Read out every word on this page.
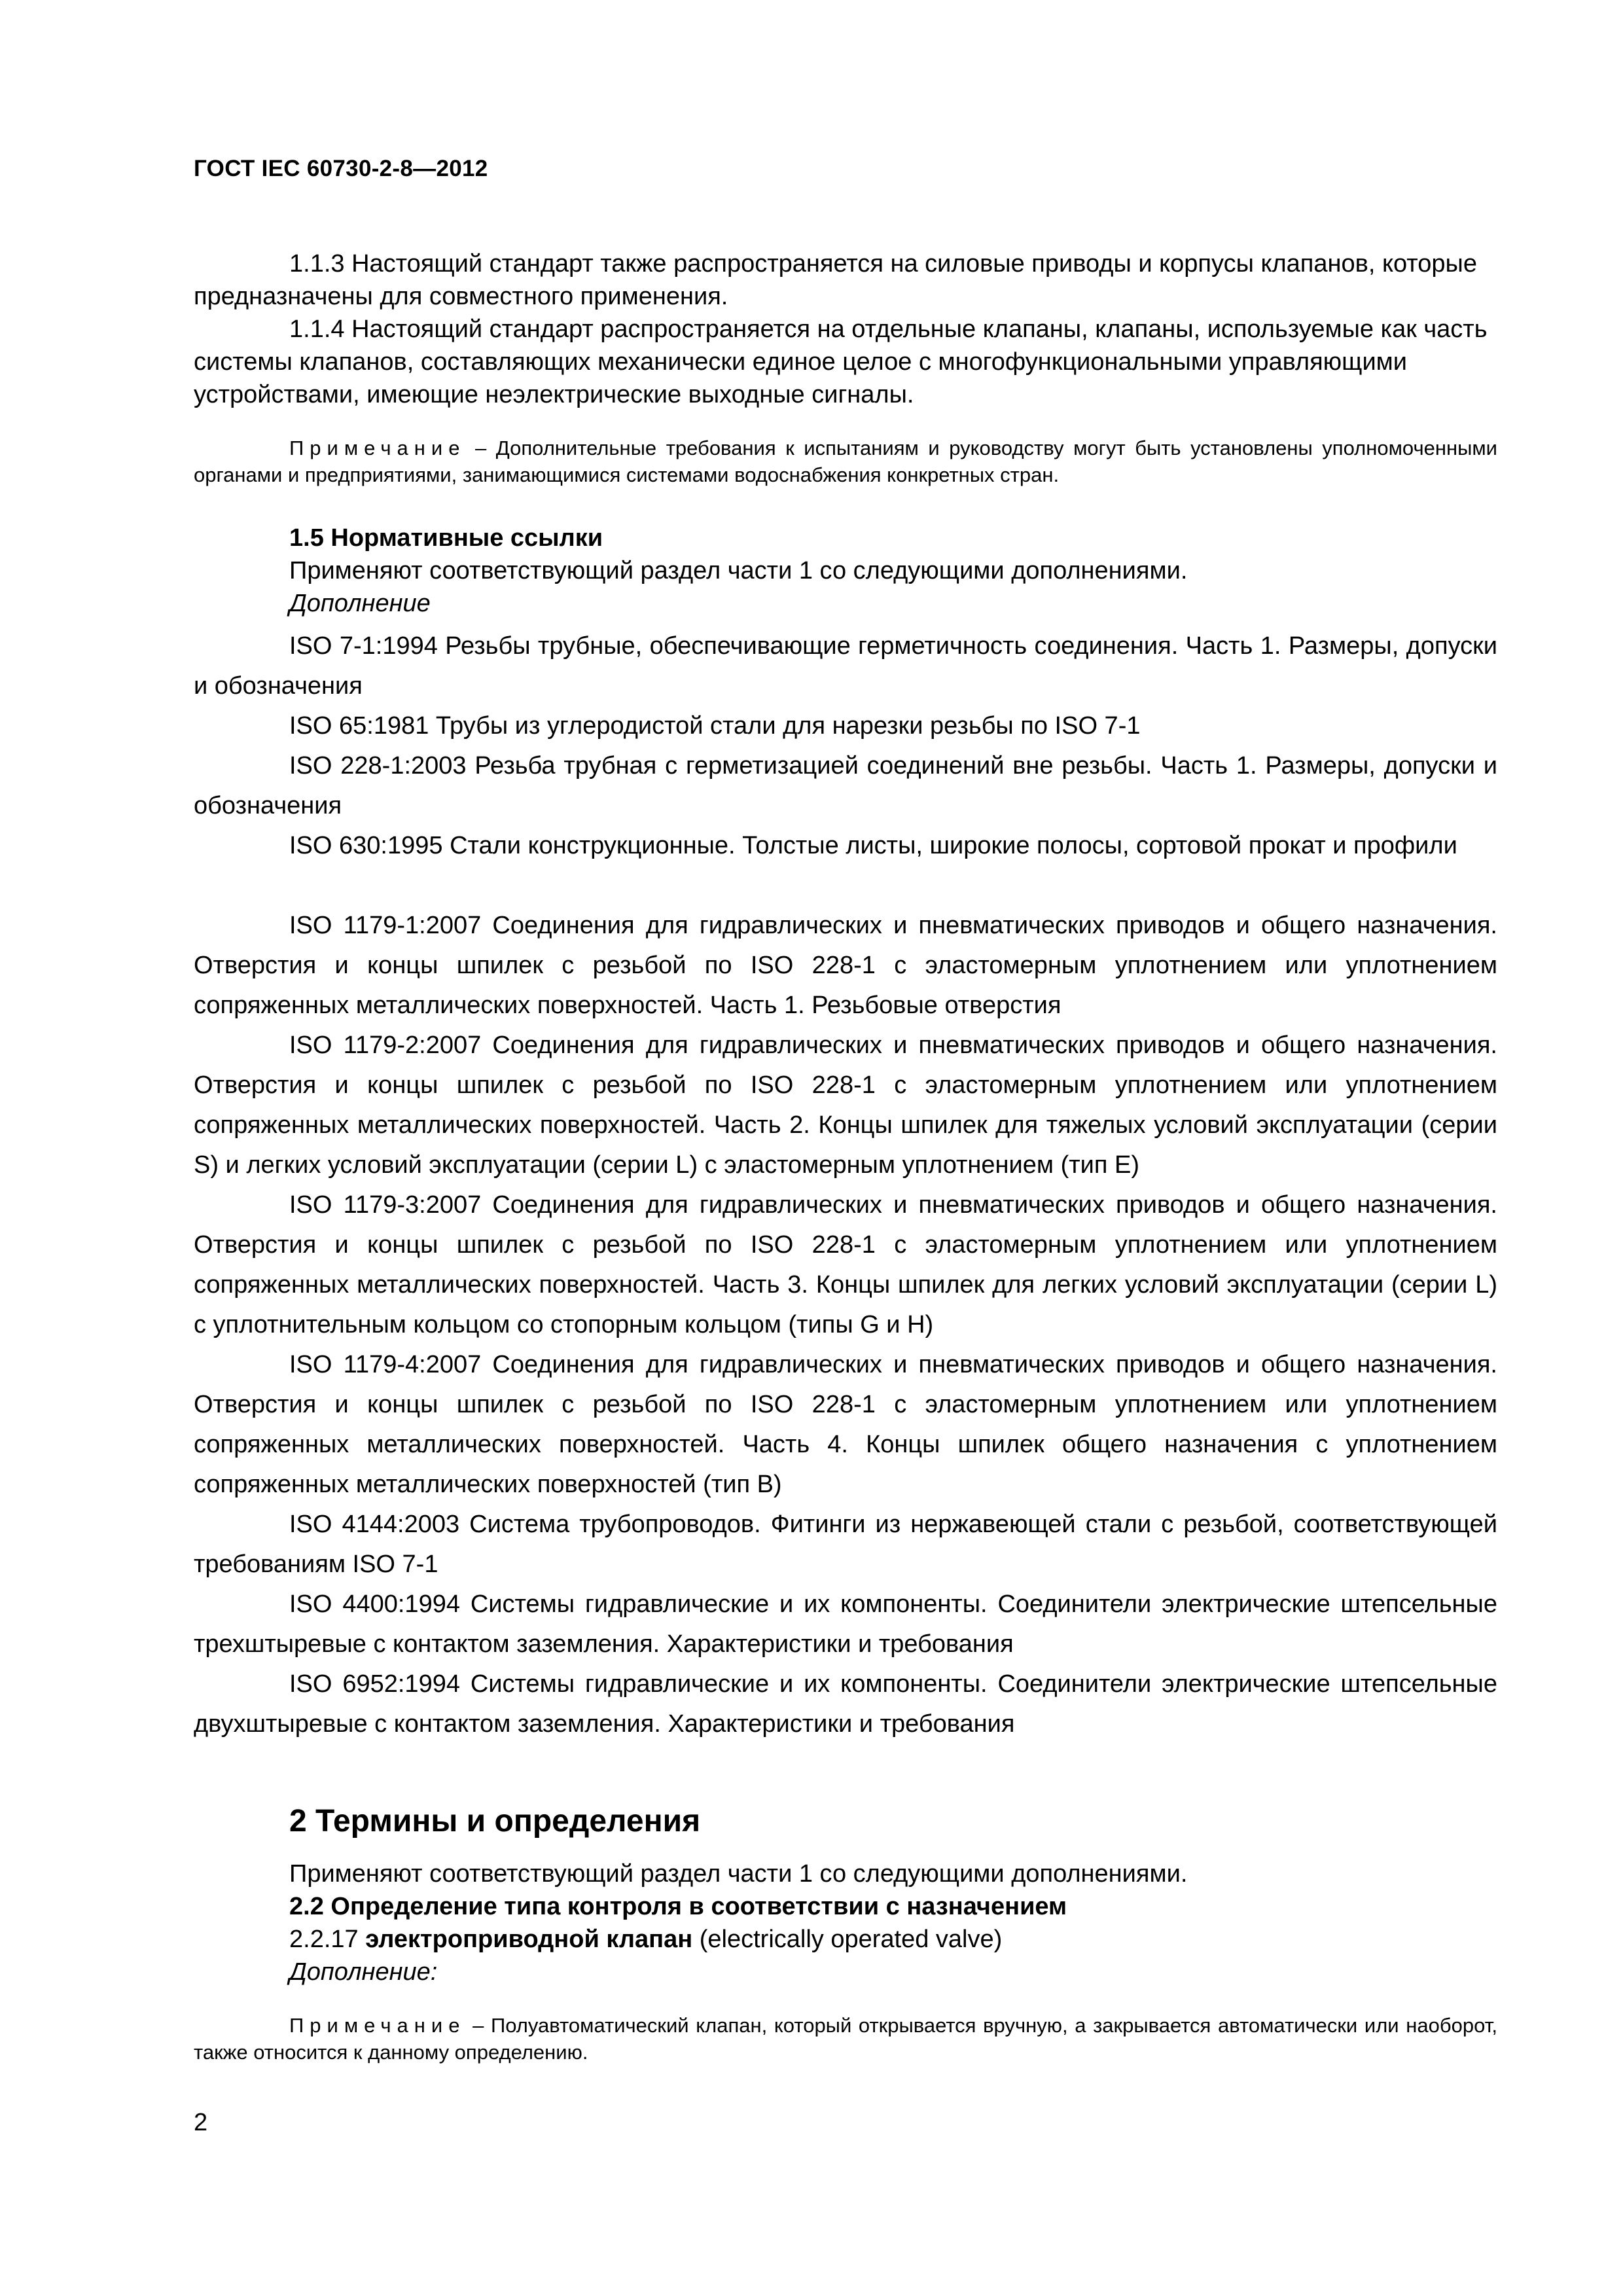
ГОСТ IEC 60730-2-8—2012

1.1.3 Настоящий стандарт также распространяется на силовые приводы и корпусы клапанов, которые предназначены для совместного применения.

1.1.4 Настоящий стандарт распространяется на отдельные клапаны, клапаны, используемые как часть системы клапанов, составляющих механически единое целое с многофункциональными управляющими устройствами, имеющие неэлектрические выходные сигналы.

Примечание – Дополнительные требования к испытаниям и руководству могут быть установлены уполномоченными органами и предприятиями, занимающимися системами водоснабжения конкретных стран.

1.5 Нормативные ссылки
Применяют соответствующий раздел части 1 со следующими дополнениями.
Дополнение

ISO 7-1:1994 Резьбы трубные, обеспечивающие герметичность соединения. Часть 1. Размеры, допуски и обозначения

ISO 65:1981 Трубы из углеродистой стали для нарезки резьбы по ISO 7-1

ISO 228-1:2003 Резьба трубная с герметизацией соединений вне резьбы. Часть 1. Размеры, допуски и обозначения

ISO 630:1995 Стали конструкционные. Толстые листы, широкие полосы, сортовой прокат и профили

ISO 1179-1:2007 Соединения для гидравлических и пневматических приводов и общего назначения. Отверстия и концы шпилек с резьбой по ISO 228-1 с эластомерным уплотнением или уплотнением сопряженных металлических поверхностей. Часть 1. Резьбовые отверстия

ISO 1179-2:2007 Соединения для гидравлических и пневматических приводов и общего назначения. Отверстия и концы шпилек с резьбой по ISO 228-1 с эластомерным уплотнением или уплотнением сопряженных металлических поверхностей. Часть 2. Концы шпилек для тяжелых условий эксплуатации (серии S) и легких условий эксплуатации (серии L) с эластомерным уплотнением (тип E)

ISO 1179-3:2007 Соединения для гидравлических и пневматических приводов и общего назначения. Отверстия и концы шпилек с резьбой по ISO 228-1 с эластомерным уплотнением или уплотнением сопряженных металлических поверхностей. Часть 3. Концы шпилек для легких условий эксплуатации (серии L) с уплотнительным кольцом со стопорным кольцом (типы G и H)

ISO 1179-4:2007 Соединения для гидравлических и пневматических приводов и общего назначения. Отверстия и концы шпилек с резьбой по ISO 228-1 с эластомерным уплотнением или уплотнением сопряженных металлических поверхностей. Часть 4. Концы шпилек общего назначения с уплотнением сопряженных металлических поверхностей (тип B)

ISO 4144:2003 Система трубопроводов. Фитинги из нержавеющей стали с резьбой, соответствующей требованиям ISO 7-1

ISO 4400:1994 Системы гидравлические и их компоненты. Соединители электрические штепсельные трехштыревые с контактом заземления. Характеристики и требования

ISO 6952:1994 Системы гидравлические и их компоненты. Соединители электрические штепсельные двухштыревые с контактом заземления. Характеристики и требования

2 Термины и определения
Применяют соответствующий раздел части 1 со следующими дополнениями.
2.2 Определение типа контроля в соответствии с назначением
2.2.17 электроприводной клапан (electrically operated valve)
Дополнение:

Примечание – Полуавтоматический клапан, который открывается вручную, а закрывается автоматически или наоборот, также относится к данному определению.

2
